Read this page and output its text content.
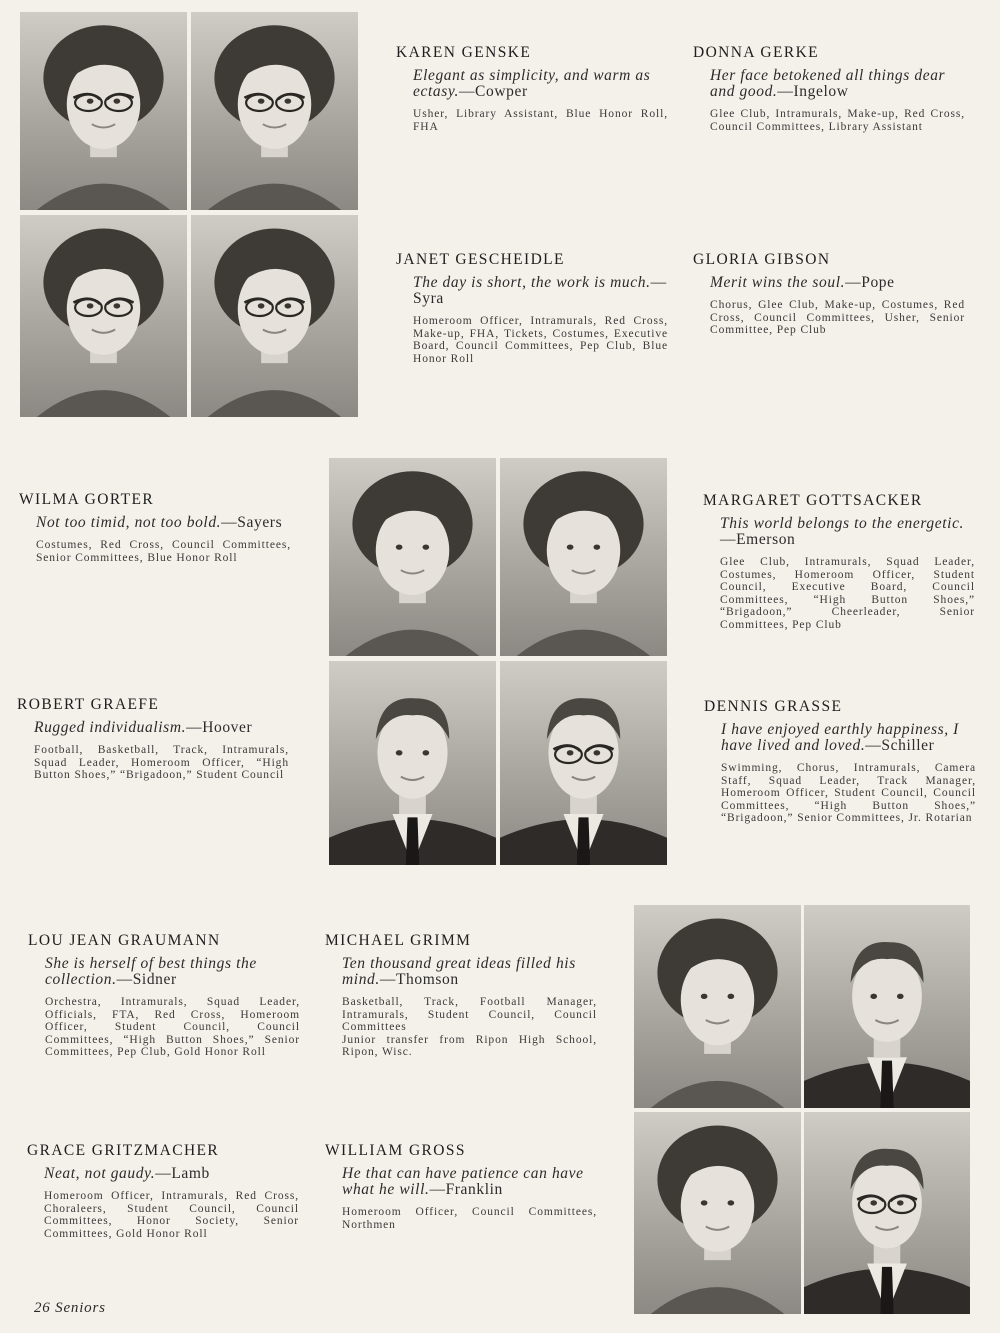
KAREN GENSKE
Elegant as simplicity, and warm as ectasy.—Cowper

Usher, Library Assistant, Blue Honor Roll, FHA

DONNA GERKE
Her face betokened all things dear and good.—Ingelow

Glee Club, Intramurals, Make-up, Red Cross, Council Committees, Library Assistant

JANET GESCHEIDLE
The day is short, the work is much.—Syra

Homeroom Officer, Intramurals, Red Cross, Make-up, FHA, Tickets, Costumes, Executive Board, Council Committees, Pep Club, Blue Honor Roll

GLORIA GIBSON
Merit wins the soul.—Pope

Chorus, Glee Club, Make-up, Costumes, Red Cross, Council Committees, Usher, Senior Committee, Pep Club

WILMA GORTER
Not too timid, not too bold.—Sayers

Costumes, Red Cross, Council Committees, Senior Committees, Blue Honor Roll

MARGARET GOTTSACKER
This world belongs to the energetic.—Emerson

Glee Club, Intramurals, Squad Leader, Costumes, Homeroom Officer, Student Council, Executive Board, Council Committees, “High Button Shoes,” “Brigadoon,” Cheerleader, Senior Committees, Pep Club

ROBERT GRAEFE
Rugged individualism.—Hoover

Football, Basketball, Track, Intramurals, Squad Leader, Homeroom Officer, “High Button Shoes,” “Brigadoon,” Student Council

DENNIS GRASSE
I have enjoyed earthly happiness, I have lived and loved.—Schiller

Swimming, Chorus, Intramurals, Camera Staff, Squad Leader, Track Manager, Homeroom Officer, Student Council, Council Committees, “High Button Shoes,” “Brigadoon,” Senior Committees, Jr. Rotarian

LOU JEAN GRAUMANN
She is herself of best things the collection.—Sidner

Orchestra, Intramurals, Squad Leader, Officials, FTA, Red Cross, Homeroom Officer, Student Council, Council Committees, “High Button Shoes,” Senior Committees, Pep Club, Gold Honor Roll

MICHAEL GRIMM
Ten thousand great ideas filled his mind.—Thomson

Basketball, Track, Football Manager, Intramurals, Student Council, Council Committees

Junior transfer from Ripon High School, Ripon, Wisc.

GRACE GRITZMACHER
Neat, not gaudy.—Lamb

Homeroom Officer, Intramurals, Red Cross, Choraleers, Student Council, Council Committees, Honor Society, Senior Committees, Gold Honor Roll

WILLIAM GROSS
He that can have patience can have what he will.—Franklin

Homeroom Officer, Council Committees, Northmen

26 Seniors
